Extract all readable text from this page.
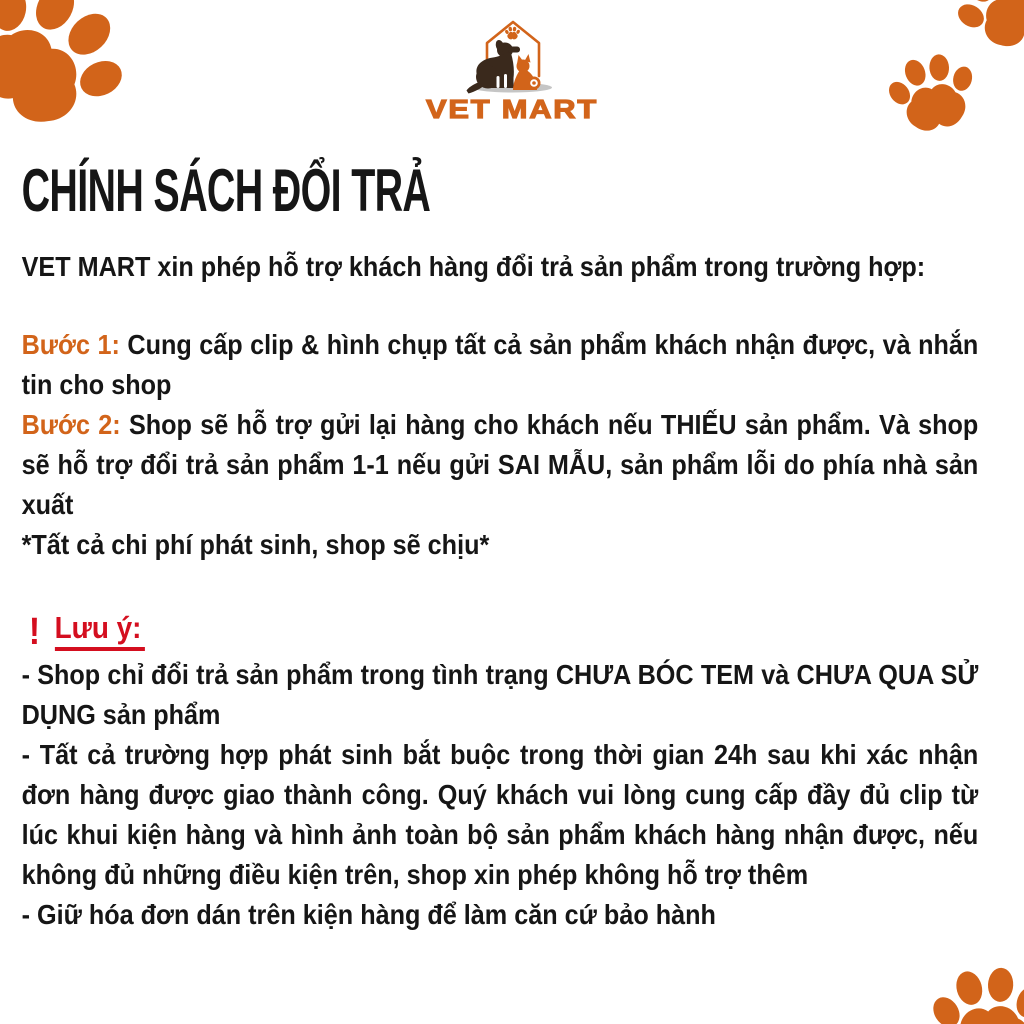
VET MART
CHÍNH SÁCH ĐỔI TRẢ

VET MART xin phép hỗ trợ khách hàng đổi trả sản phẩm trong trường hợp:

Bước 1: Cung cấp clip & hình chụp tất cả sản phẩm khách nhận được, và nhắn tin cho shop

Bước 2: Shop sẽ hỗ trợ gửi lại hàng cho khách nếu THIẾU sản phẩm. Và shop sẽ hỗ trợ đổi trả sản phẩm 1-1 nếu gửi SAI MẪU, sản phẩm lỗi do phía nhà sản xuất

*Tất cả chi phí phát sinh, shop sẽ chịu*

! Lưu ý:

- Shop chỉ đổi trả sản phẩm trong tình trạng CHƯA BÓC TEM và CHƯA QUA SỬ DỤNG sản phẩm

- Tất cả trường hợp phát sinh bắt buộc trong thời gian 24h sau khi xác nhận đơn hàng được giao thành công. Quý khách vui lòng cung cấp đầy đủ clip từ lúc khui kiện hàng và hình ảnh toàn bộ sản phẩm khách hàng nhận được, nếu không đủ những điều kiện trên, shop xin phép không hỗ trợ thêm

- Giữ hóa đơn dán trên kiện hàng để làm căn cứ bảo hành
